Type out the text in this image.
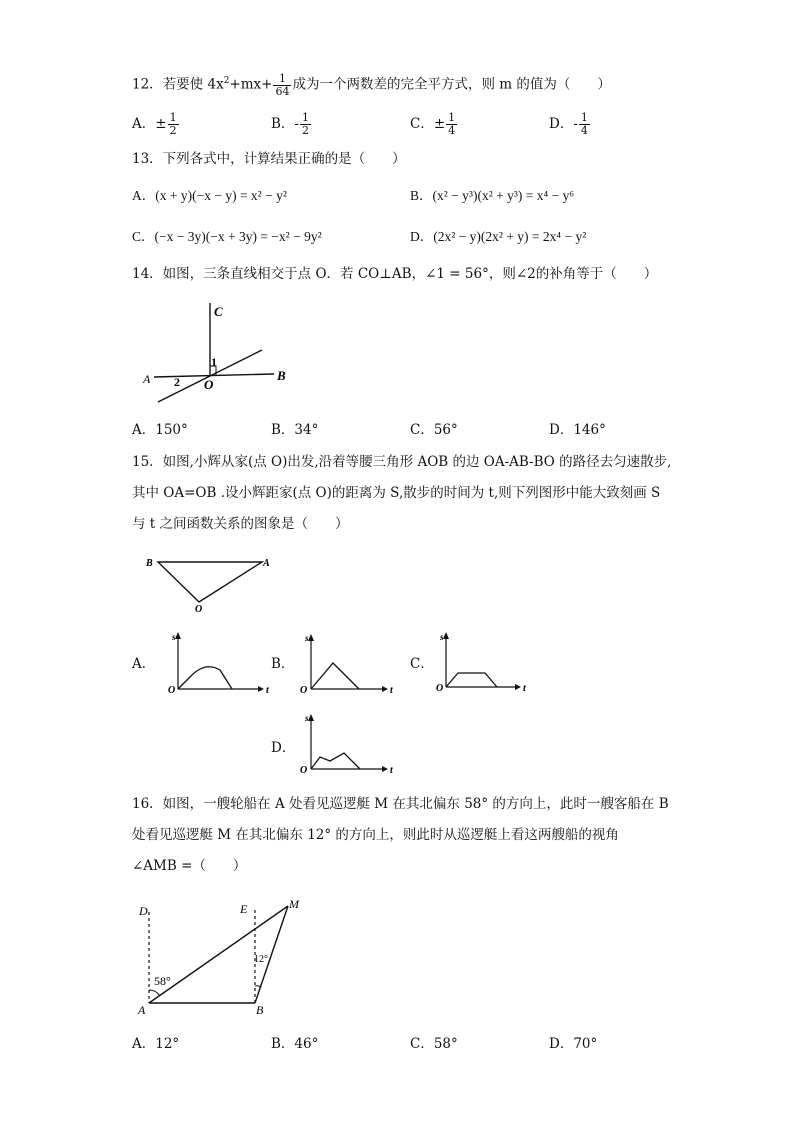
12．若要使 $4x^2+mx+ \frac{1}{64}$ 成为一个两数差的完全平方式，则 m 的值为（　　）
A．± $\frac{1}{2}$	B．- $\frac{1}{2}$	C．± $\frac{1}{4}$	D．- $\frac{1}{4}$
13．下列各式中，计算结果正确的是（　　）
A．(x + y)(−x − y) = x² − y²	B．(x² − y³)(x² + y³) = x⁴ − y⁶
C．(−x − 3y)(−x + 3y) = −x² − 9y²	D．(2x² − y)(2x² + y) = 2x⁴ − y²
14．如图，三条直线相交于点 O．若 CO⊥AB，∠1 = 56°，则∠2的补角等于（　　）
C
A	B
O
1
2
A．150°	B．34°	C．56°	D．146°
15．如图,小辉从家(点 O)出发,沿着等腰三角形 AOB 的边 OA-AB-BO 的路径去匀速散步,
其中 OA=OB .设小辉距家(点 O)的距离为 S,散步的时间为 t,则下列图形中能大致刻画 S
与 t 之间函数关系的图象是（　　）
B	A
O
A．	B．	C．
D．
s
t
O
s
t
O
s
t
O
s
t
O
16．如图，一艘轮船在 A 处看见巡逻艇 M 在其北偏东 58° 的方向上，此时一艘客船在 B
处看见巡逻艇 M 在其北偏东 12° 的方向上，则此时从巡逻艇上看这两艘船的视角
∠AMB =（　　）
D	E	M
A	B
58°
12°
A．12°	B．46°	C．58°	D．70°
